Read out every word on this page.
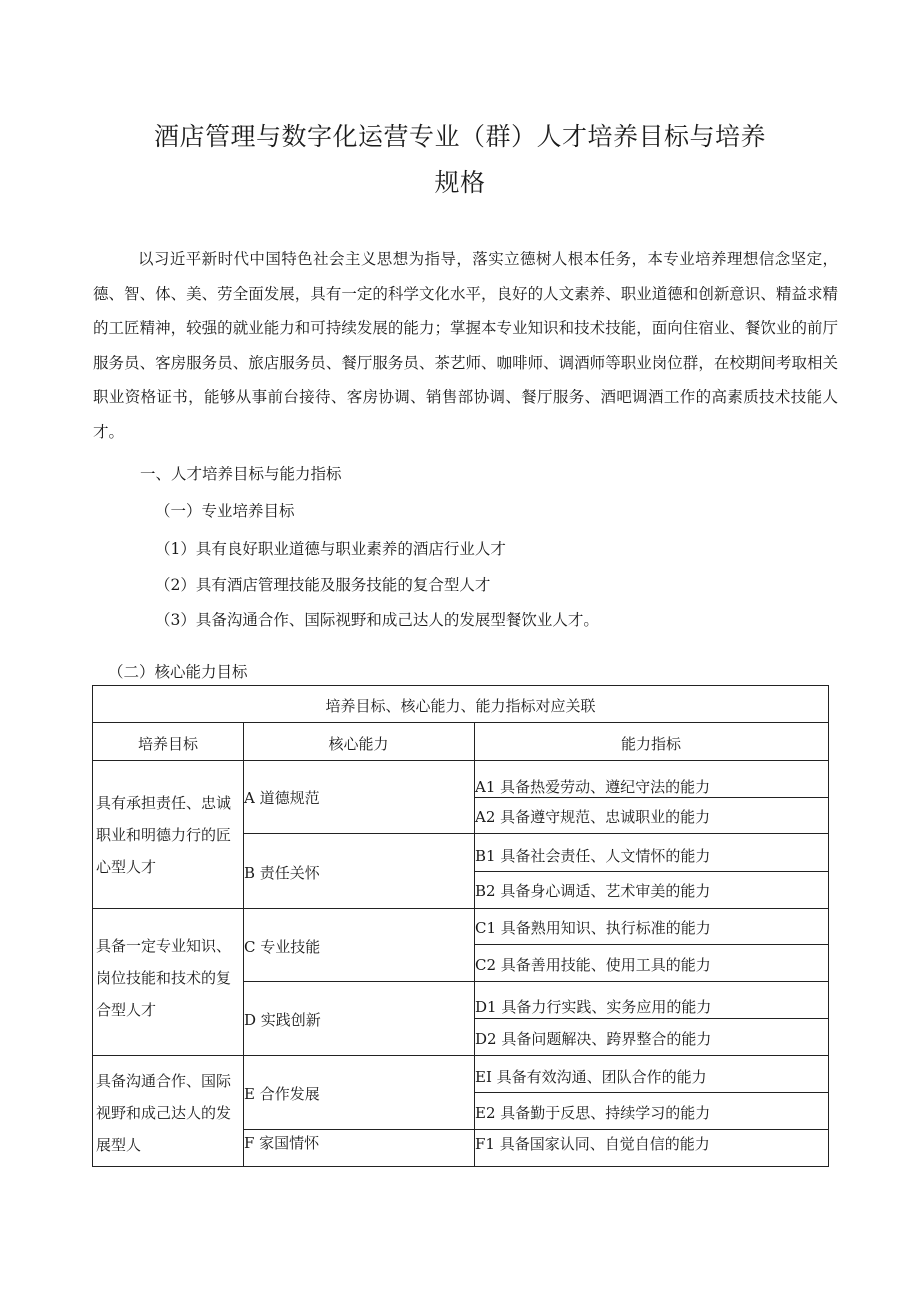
酒店管理与数字化运营专业（群）人才培养目标与培养
规格

以习近平新时代中国特色社会主义思想为指导，落实立德树人根本任务，本专业培养理想信念坚定，德、智、体、美、劳全面发展，具有一定的科学文化水平，良好的人文素养、职业道德和创新意识、精益求精的工匠精神，较强的就业能力和可持续发展的能力；掌握本专业知识和技术技能，面向住宿业、餐饮业的前厅服务员、客房服务员、旅店服务员、餐厅服务员、茶艺师、咖啡师、调酒师等职业岗位群，在校期间考取相关职业资格证书，能够从事前台接待、客房协调、销售部协调、餐厅服务、酒吧调酒工作的高素质技术技能人才。

一、人才培养目标与能力指标
（一）专业培养目标
（1）具有良好职业道德与职业素养的酒店行业人才
（2）具有酒店管理技能及服务技能的复合型人才
（3）具备沟通合作、国际视野和成己达人的发展型餐饮业人才。
（二）核心能力目标
培养目标、核心能力、能力指标对应关联
培养目标	核心能力	能力指标
具有承担责任、忠诚职业和明德力行的匠心型人才
具备一定专业知识、岗位技能和技术的复合型人才
具备沟通合作、国际视野和成己达人的发展型人
A 道德规范
B 责任关怀
C 专业技能
D 实践创新
E 合作发展
F 家国情怀
A1 具备热爱劳动、遵纪守法的能力
A2 具备遵守规范、忠诚职业的能力
B1 具备社会责任、人文情怀的能力
B2 具备身心调适、艺术审美的能力
C1 具备熟用知识、执行标准的能力
C2 具备善用技能、使用工具的能力
D1 具备力行实践、实务应用的能力
D2 具备问题解决、跨界整合的能力
EI 具备有效沟通、团队合作的能力
E2 具备勤于反思、持续学习的能力
F1 具备国家认同、自觉自信的能力
